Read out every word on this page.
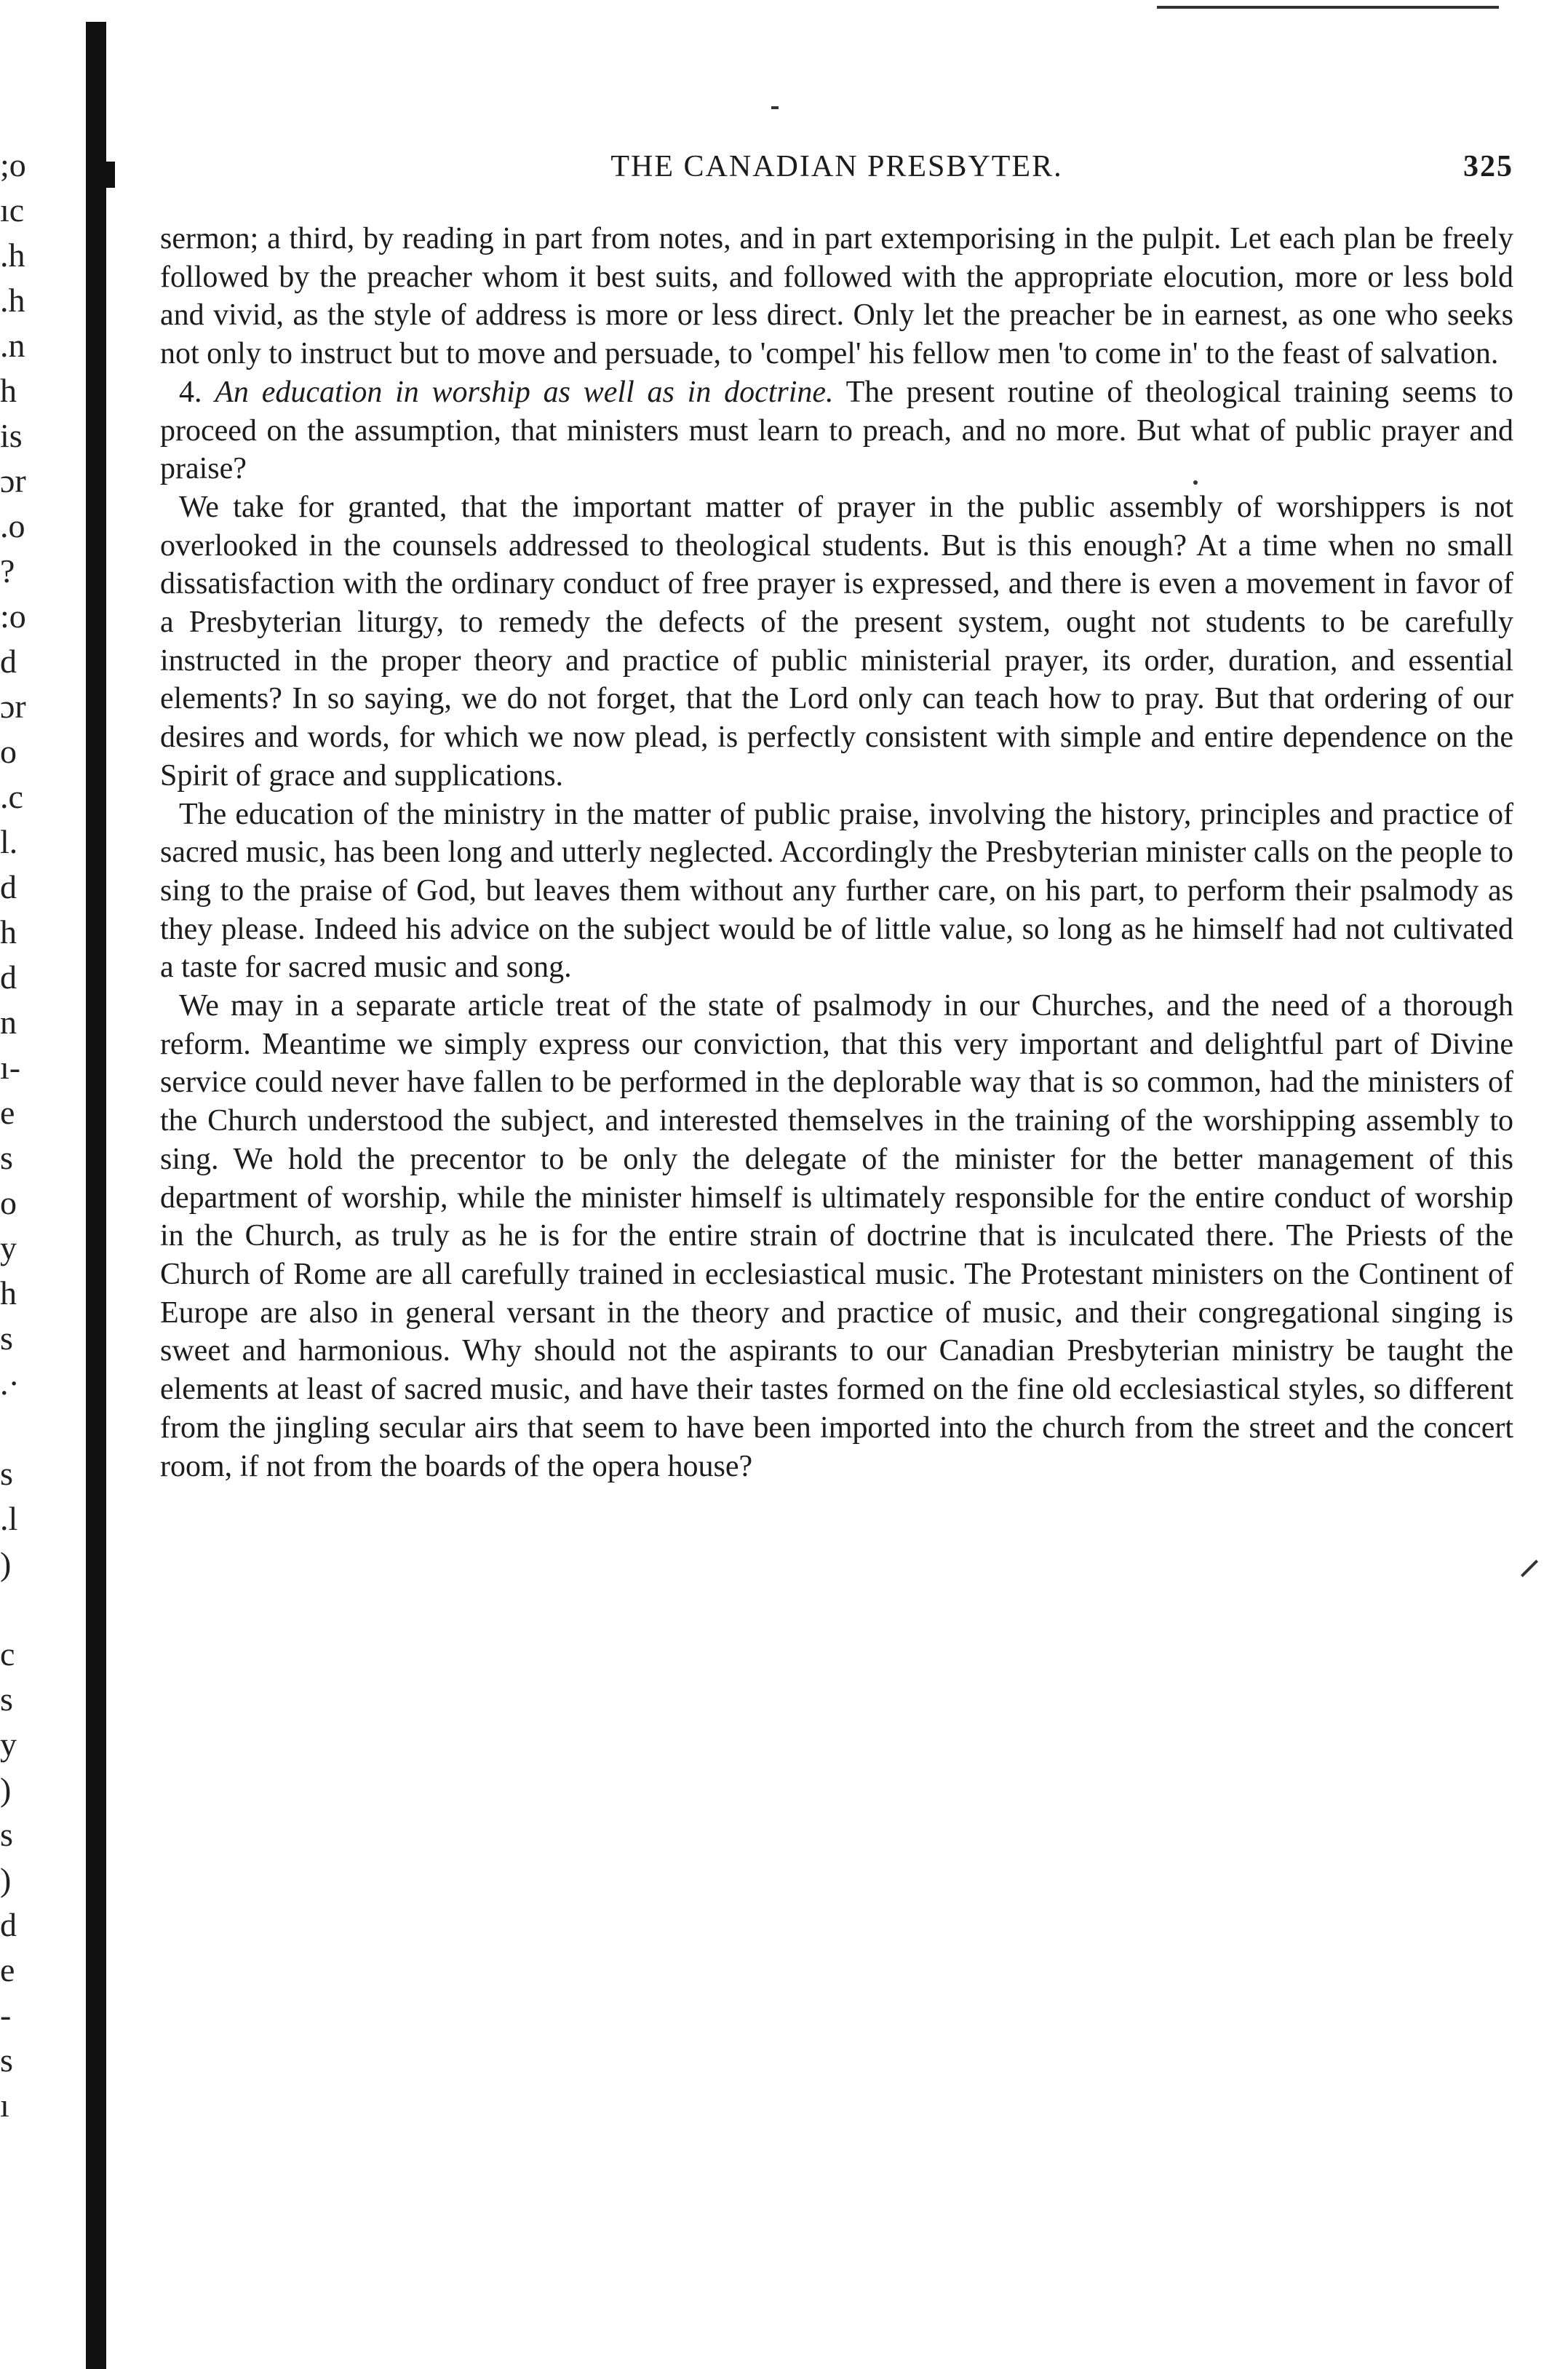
;o
ıc
.h
.h
.n
h
is
ɔr
.o
?
:o
d
ɔr
o
.c
l.
d
h
d
n
ı-
e
s
o
y
h
s
.·
s
.l
)
c
s
y
)
s
)
d
e
-
s
ı
THE CANADIAN PRESBYTER.	325

sermon; a third, by reading in part from notes, and in part extemporising in the pulpit. Let each plan be freely followed by the preacher whom it best suits, and followed with the appropriate elocution, more or less bold and vivid, as the style of address is more or less direct. Only let the preacher be in earnest, as one who seeks not only to instruct but to move and persuade, to 'compel' his fellow men 'to come in' to the feast of salvation.

4. An education in worship as well as in doctrine. The present routine of theological training seems to proceed on the assumption, that ministers must learn to preach, and no more. But what of public prayer and praise?

We take for granted, that the important matter of prayer in the public assembly of worshippers is not overlooked in the counsels addressed to theological students. But is this enough? At a time when no small dissatisfaction with the ordinary conduct of free prayer is expressed, and there is even a movement in favor of a Presbyterian liturgy, to remedy the defects of the present system, ought not students to be carefully instructed in the proper theory and practice of public ministerial prayer, its order, duration, and essential elements? In so saying, we do not forget, that the Lord only can teach how to pray. But that ordering of our desires and words, for which we now plead, is perfectly consistent with simple and entire dependence on the Spirit of grace and supplications.

The education of the ministry in the matter of public praise, involving the history, principles and practice of sacred music, has been long and utterly neglected. Accordingly the Presbyterian minister calls on the people to sing to the praise of God, but leaves them without any further care, on his part, to perform their psalmody as they please. Indeed his advice on the subject would be of little value, so long as he himself had not cultivated a taste for sacred music and song.

We may in a separate article treat of the state of psalmody in our Churches, and the need of a thorough reform. Meantime we simply express our conviction, that this very important and delightful part of Divine service could never have fallen to be performed in the deplorable way that is so common, had the ministers of the Church understood the subject, and interested themselves in the training of the worshipping assembly to sing. We hold the precentor to be only the delegate of the minister for the better management of this department of worship, while the minister himself is ultimately responsible for the entire conduct of worship in the Church, as truly as he is for the entire strain of doctrine that is inculcated there. The Priests of the Church of Rome are all carefully trained in ecclesiastical music. The Protestant ministers on the Continent of Europe are also in general versant in the theory and practice of music, and their congregational singing is sweet and harmonious. Why should not the aspirants to our Canadian Presbyterian ministry be taught the elements at least of sacred music, and have their tastes formed on the fine old ecclesiastical styles, so different from the jingling secular airs that seem to have been imported into the church from the street and the concert room, if not from the boards of the opera house?
